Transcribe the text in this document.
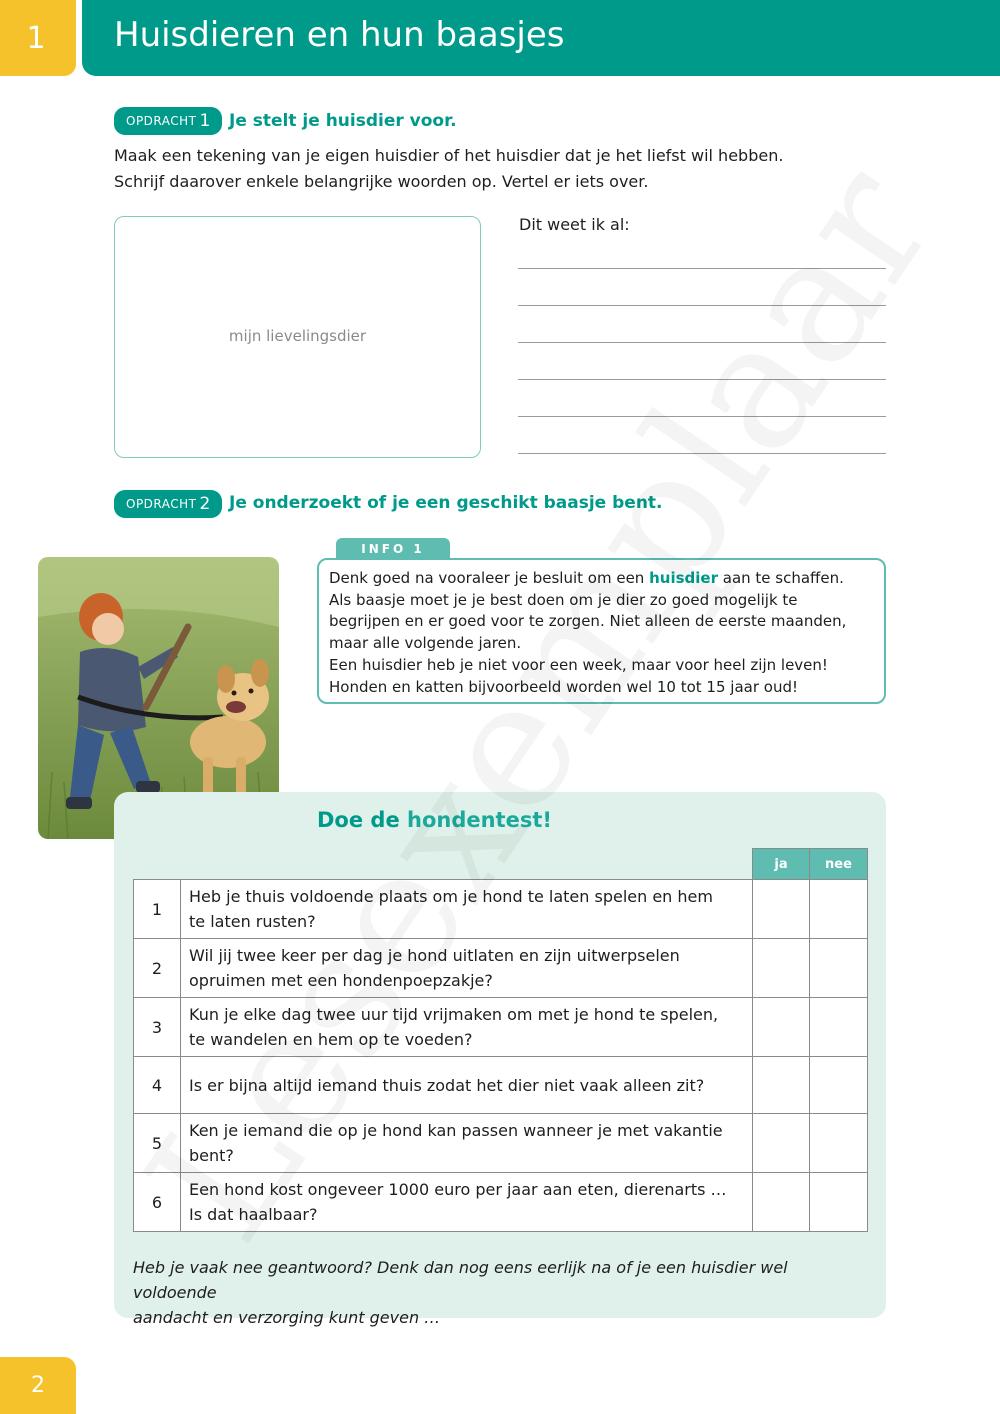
1	Huisdieren en hun baasjes
OPDRACHT 1 Je stelt je huisdier voor.
Maak een tekening van je eigen huisdier of het huisdier dat je het liefst wil hebben.
Schrijf daarover enkele belangrijke woorden op. Vertel er iets over.
mijn lievelingsdier
Dit weet ik al:
OPDRACHT 2 Je onderzoekt of je een geschikt baasje bent.
INFO 1
Denk goed na vooraleer je besluit om een huisdier aan te schaffen.
Als baasje moet je je best doen om je dier zo goed mogelijk te
begrijpen en er goed voor te zorgen. Niet alleen de eerste maanden,
maar alle volgende jaren.
Een huisdier heb je niet voor een week, maar voor heel zijn leven!
Honden en katten bijvoorbeeld worden wel 10 tot 15 jaar oud!
Doe de hondentest!
		ja	nee
1	Heb je thuis voldoende plaats om je hond te laten spelen en hem
te laten rusten?		

2	Wil jij twee keer per dag je hond uitlaten en zijn uitwerpselen
opruimen met een hondenpoepzakje?		

3	Kun je elke dag twee uur tijd vrijmaken om met je hond te spelen,
te wandelen en hem op te voeden?		

4	Is er bijna altijd iemand thuis zodat het dier niet vaak alleen zit?		

5	Ken je iemand die op je hond kan passen wanneer je met vakantie
bent?		

6	Een hond kost ongeveer 1000 euro per jaar aan eten, dierenarts …
Is dat haalbaar?		

Heb je vaak nee geantwoord? Denk dan nog eens eerlijk na of je een huisdier wel voldoende
aandacht en verzorging kunt geven …
2
